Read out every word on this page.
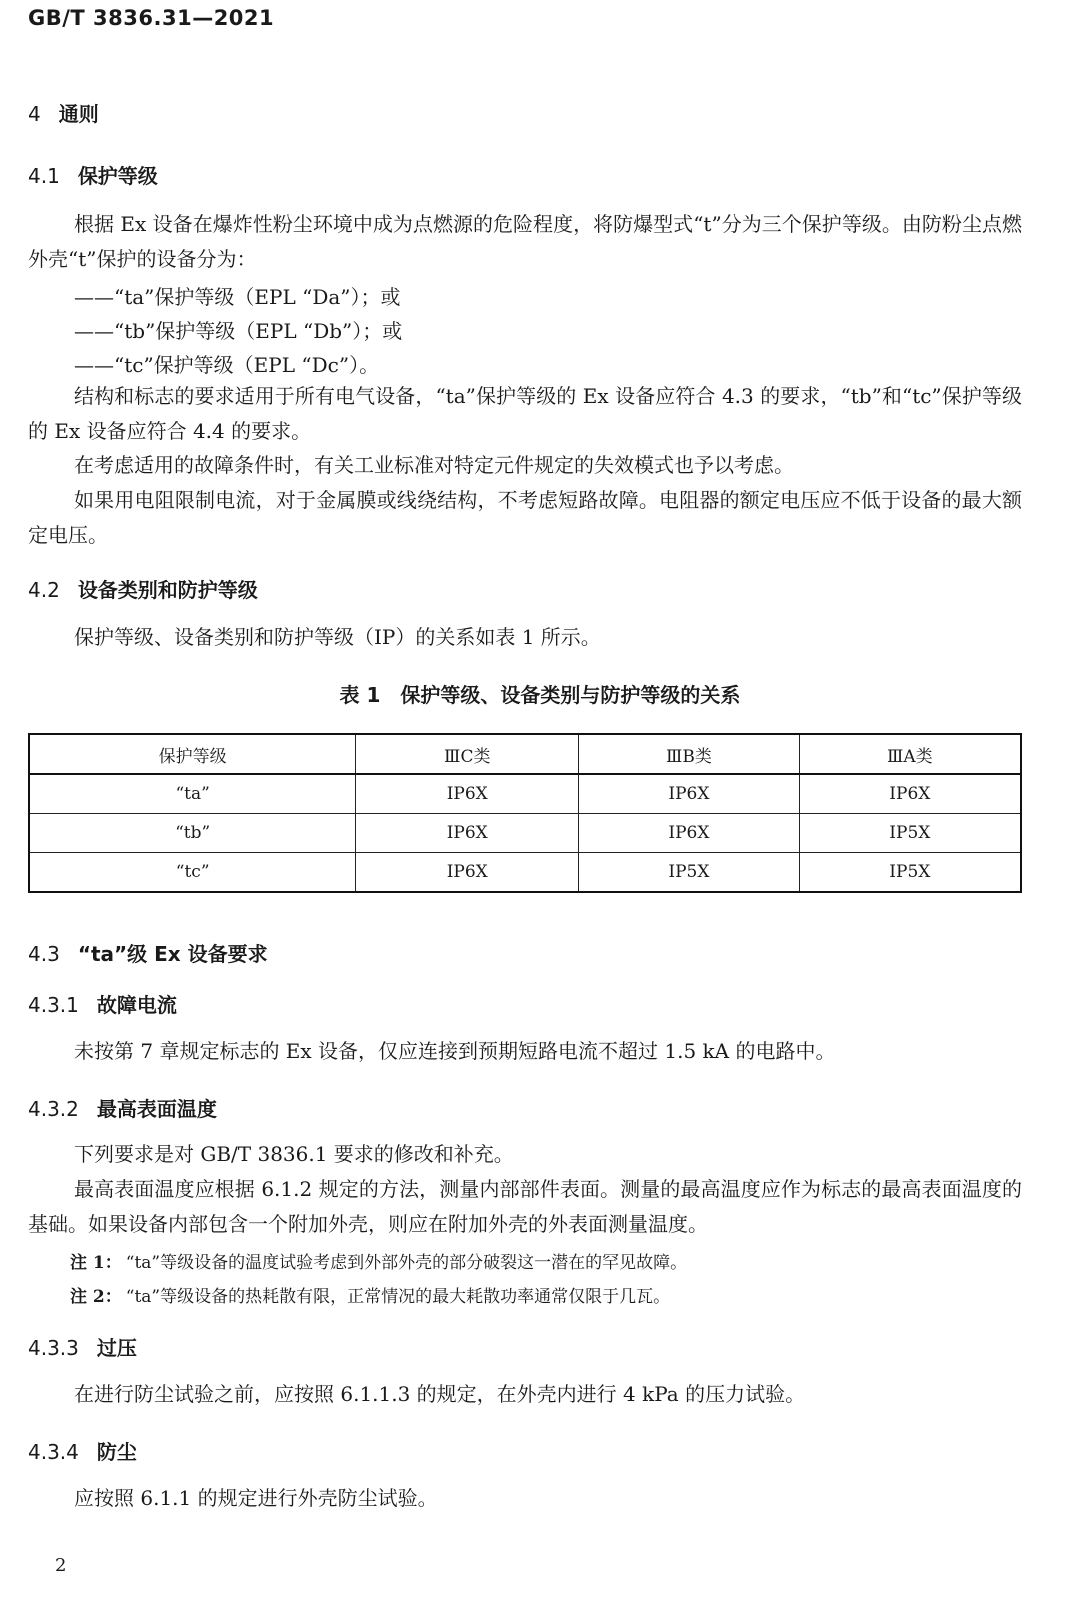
GB/T 3836.31—2021
4 通则
4.1 保护等级
根据 Ex 设备在爆炸性粉尘环境中成为点燃源的危险程度，将防爆型式“t”分为三个保护等级。由防粉尘点燃外壳“t”保护的设备分为：
——“ta”保护等级（EPL “Da”）；或
——“tb”保护等级（EPL “Db”）；或
——“tc”保护等级（EPL “Dc”）。
结构和标志的要求适用于所有电气设备，“ta”保护等级的 Ex 设备应符合 4.3 的要求，“tb”和“tc”保护等级的 Ex 设备应符合 4.4 的要求。
在考虑适用的故障条件时，有关工业标准对特定元件规定的失效模式也予以考虑。
如果用电阻限制电流，对于金属膜或线绕结构，不考虑短路故障。电阻器的额定电压应不低于设备的最大额定电压。
4.2 设备类别和防护等级
保护等级、设备类别和防护等级（IP）的关系如表 1 所示。
表 1　保护等级、设备类别与防护等级的关系
保护等级	ⅢC类	ⅢB类	ⅢA类
“ta”	IP6X	IP6X	IP6X
“tb”	IP6X	IP6X	IP5X
“tc”	IP6X	IP5X	IP5X
4.3 “ta”级 Ex 设备要求
4.3.1 故障电流
未按第 7 章规定标志的 Ex 设备，仅应连接到预期短路电流不超过 1.5 kA 的电路中。
4.3.2 最高表面温度
下列要求是对 GB/T 3836.1 要求的修改和补充。
最高表面温度应根据 6.1.2 规定的方法，测量内部部件表面。测量的最高温度应作为标志的最高表面温度的基础。如果设备内部包含一个附加外壳，则应在附加外壳的外表面测量温度。
注 1： “ta”等级设备的温度试验考虑到外部外壳的部分破裂这一潜在的罕见故障。
注 2： “ta”等级设备的热耗散有限，正常情况的最大耗散功率通常仅限于几瓦。
4.3.3 过压
在进行防尘试验之前，应按照 6.1.1.3 的规定，在外壳内进行 4 kPa 的压力试验。
4.3.4 防尘
应按照 6.1.1 的规定进行外壳防尘试验。
2
